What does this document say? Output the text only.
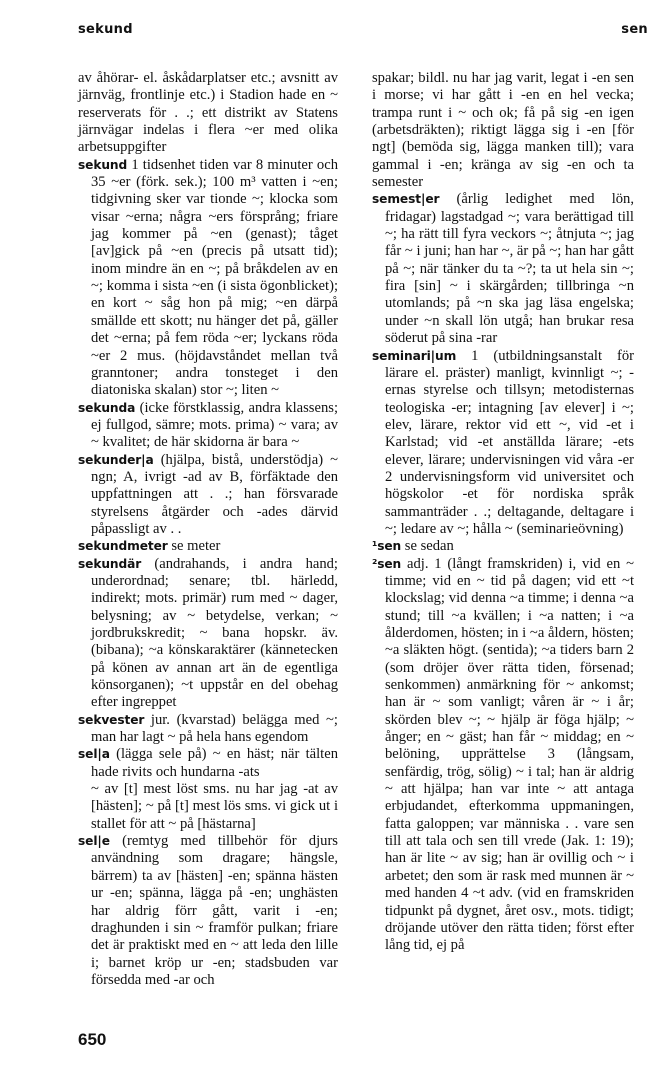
sekund	sen

av åhörar- el. åskådarplatser etc.; avsnitt av järnväg, frontlinje etc.) i Stadion hade en ~ reserverats för . .; ett distrikt av Statens järnvägar indelas i flera ~er med olika arbetsuppgifter

sekund 1 tidsenhet tiden var 8 minuter och 35 ~er (förk. sek.); 100 m³ vatten i ~en; tidgivning sker var tionde ~; klocka som visar ~erna; några ~ers försprång; friare jag kommer på ~en (genast); tåget [av]gick på ~en (precis på utsatt tid); inom mindre än en ~; på bråkdelen av en ~; komma i sista ~en (i sista ögonblicket); en kort ~ såg hon på mig; ~en därpå smällde ett skott; nu hänger det på, gäller det ~erna; på fem röda ~er; lyckans röda ~er 2 mus. (höjdavståndet mellan två granntoner; andra tonsteget i den diatoniska skalan) stor ~; liten ~

sekunda (icke förstklassig, andra klassens; ej fullgod, sämre; mots. prima) ~ vara; av ~ kvalitet; de här skidorna är bara ~

sekunder|a (hjälpa, bistå, understödja) ~ ngn; A, ivrigt -ad av B, förfäktade den uppfattningen att . .; han försvarade styrelsens åtgärder och -ades därvid påpassligt av . .

sekundmeter se meter

sekundär (andrahands, i andra hand; underordnad; senare; tbl. härledd, indirekt; mots. primär) rum med ~ dager, belysning; av ~ betydelse, verkan; ~ jordbrukskredit; ~ bana hopskr. äv. (bibana); ~a könskaraktärer (kännetecken på könen av annan art än de egentliga könsorganen); ~t uppstår en del obehag efter ingreppet

sekvester jur. (kvarstad) belägga med ~; man har lagt ~ på hela hans egendom

sel|a (lägga sele på) ~ en häst; när tälten hade rivits och hundarna -ats

~ av [t] mest löst sms. nu har jag -at av [hästen]; ~ på [t] mest lös sms. vi gick ut i stallet för att ~ på [hästarna]

sel|e (remtyg med tillbehör för djurs användning som dragare; hängsle, bärrem) ta av [hästen] -en; spänna hästen ur -en; spänna, lägga på -en; unghästen har aldrig förr gått, varit i -en; draghunden i sin ~ framför pulkan; friare det är praktiskt med en ~ att leda den lille i; barnet kröp ur -en; stadsbuden var försedda med -ar och

spakar; bildl. nu har jag varit, legat i -en sen i morse; vi har gått i -en en hel vecka; trampa runt i ~ och ok; få på sig -en igen (arbetsdräkten); riktigt lägga sig i -en [för ngt] (bemöda sig, lägga manken till); vara gammal i -en; kränga av sig -en och ta semester

semest|er (årlig ledighet med lön, fridagar) lagstadgad ~; vara berättigad till ~; ha rätt till fyra veckors ~; åtnjuta ~; jag får ~ i juni; han har ~, är på ~; han har gått på ~; när tänker du ta ~?; ta ut hela sin ~; fira [sin] ~ i skärgården; tillbringa ~n utomlands; på ~n ska jag läsa engelska; under ~n skall lön utgå; han brukar resa söderut på sina -rar

seminari|um 1 (utbildningsanstalt för lärare el. präster) manligt, kvinnligt ~; -ernas styrelse och tillsyn; metodisternas teologiska -er; intagning [av elever] i ~; elev, lärare, rektor vid ett ~, vid -et i Karlstad; vid -et anställda lärare; -ets elever, lärare; undervisningen vid våra -er 2 undervisningsform vid universitet och högskolor -et för nordiska språk sammanträder . .; deltagande, deltagare i ~; ledare av ~; hålla ~ (seminarieövning)

¹sen se sedan

²sen adj. 1 (långt framskriden) i, vid en ~ timme; vid en ~ tid på dagen; vid ett ~t klockslag; vid denna ~a timme; i denna ~a stund; till ~a kvällen; i ~a natten; i ~a ålderdomen, hösten; in i ~a åldern, hösten; ~a släkten högt. (sentida); ~a tiders barn 2 (som dröjer över rätta tiden, försenad; senkommen) anmärkning för ~ ankomst; han är ~ som vanligt; våren är ~ i år; skörden blev ~; ~ hjälp är föga hjälp; ~ ånger; en ~ gäst; han får ~ middag; en ~ belöning, upprättelse 3 (långsam, senfärdig, trög, sölig) ~ i tal; han är aldrig ~ att hjälpa; han var inte ~ att antaga erbjudandet, efterkomma uppmaningen, fatta galoppen; var människa . . vare sen till att tala och sen till vrede (Jak. 1: 19); han är lite ~ av sig; han är ovillig och ~ i arbetet; den som är rask med munnen är ~ med handen 4 ~t adv. (vid en framskriden tidpunkt på dygnet, året osv., mots. tidigt; dröjande utöver den rätta tiden; först efter lång tid, ej på

650
